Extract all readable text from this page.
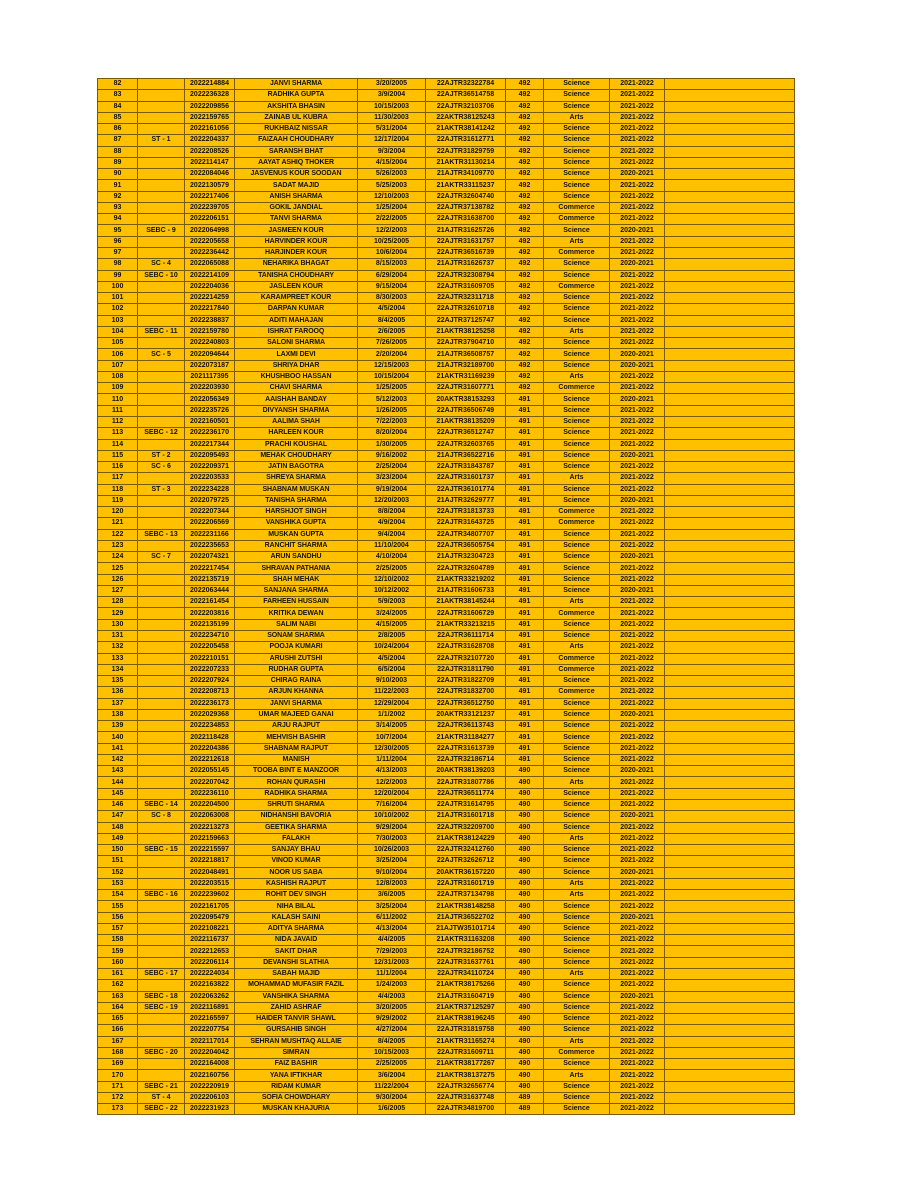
82		2022214884	JANVI SHARMA	3/20/2005	22AJTR32322784	492	Science	2021-2022	
83		2022236328	RADHIKA GUPTA	3/9/2004	22AJTR36514758	492	Science	2021-2022	
84		2022209856	AKSHITA BHASIN	10/15/2003	22AJTR32103706	492	Science	2021-2022	
85		2022159765	ZAINAB UL KUBRA	11/30/2003	22AKTR38125243	492	Arts	2021-2022	
86		2022161056	RUKHBAIZ NISSAR	5/31/2004	21AKTR38141242	492	Science	2021-2022	
87	ST - 1	2022204337	FAIZAAH CHOUDHARY	12/17/2004	22AJTR31612771	492	Science	2021-2022	
88		2022208526	SARANSH BHAT	9/3/2004	22AJTR31829759	492	Science	2021-2022	
89		2022114147	AAYAT ASHIQ THOKER	4/15/2004	21AKTR31130214	492	Science	2021-2022	
90		2022084046	JASVENUS KOUR SOODAN	5/26/2003	21AJTR34109770	492	Science	2020-2021	
91		2022130579	SADAT MAJID	5/25/2003	21AKTR33115237	492	Science	2021-2022	
92		2022217406	ANISH SHARMA	12/10/2003	22AJTR32604740	492	Science	2021-2022	
93		2022239705	GOKIL JANDIAL	1/25/2004	22AJTR37138782	492	Commerce	2021-2022	
94		2022206151	TANVI SHARMA	2/22/2005	22AJTR31638700	492	Commerce	2021-2022	
95	SEBC - 9	2022064998	JASMEEN KOUR	12/2/2003	21AJTR31625726	492	Science	2020-2021	
96		2022205658	HARVINDER KOUR	10/25/2005	22AJTR31631757	492	Arts	2021-2022	
97		2022236442	HARJINDER KOUR	10/6/2004	22AJTR36516739	492	Commerce	2021-2022	
98	SC - 4	2022065088	NEHARIKA BHAGAT	8/15/2003	21AJTR31626737	492	Science	2020-2021	
99	SEBC - 10	2022214109	TANISHA CHOUDHARY	6/29/2004	22AJTR32308794	492	Science	2021-2022	
100		2022204036	JASLEEN KOUR	9/15/2004	22AJTR31609705	492	Commerce	2021-2022	
101		2022214259	KARAMPREET KOUR	8/30/2003	22AJTR32311718	492	Science	2021-2022	
102		2022217840	DARPAN KUMAR	4/5/2004	22AJTR32610718	492	Science	2021-2022	
103		2022238837	ADITI MAHAJAN	8/4/2005	22AJTR37125747	492	Science	2021-2022	
104	SEBC - 11	2022159780	ISHRAT FAROOQ	2/6/2005	21AKTR38125258	492	Arts	2021-2022	
105		2022240803	SALONI SHARMA	7/26/2005	22AJTR37904710	492	Science	2021-2022	
106	SC - 5	2022094644	LAXMI DEVI	2/20/2004	21AJTR36508757	492	Science	2020-2021	
107		2022073187	SHRIYA DHAR	12/15/2003	21AJTR32189700	492	Science	2020-2021	
108		2021117395	KHUSHBOO HASSAN	10/15/2004	21AKTR31169239	492	Arts	2021-2022	
109		2022203930	CHAVI SHARMA	1/25/2005	22AJTR31607771	492	Commerce	2021-2022	
110		2022056349	AAISHAH BANDAY	5/12/2003	20AKTR38153293	491	Science	2020-2021	
111		2022235726	DIVYANSH SHARMA	1/26/2005	22AJTR36506749	491	Science	2021-2022	
112		2022160501	AALIMA SHAH	7/22/2003	21AKTR38135209	491	Science	2021-2022	
113	SEBC - 12	2022236170	HARLEEN KOUR	8/20/2004	22AJTR36512747	491	Science	2021-2022	
114		2022217344	PRACHI KOUSHAL	1/30/2005	22AJTR32603765	491	Science	2021-2022	
115	ST - 2	2022095493	MEHAK CHOUDHARY	9/16/2002	21AJTR36522716	491	Science	2020-2021	
116	SC - 6	2022209371	JATIN BAGOTRA	2/25/2004	22AJTR31843787	491	Science	2021-2022	
117		2022203533	SHREYA SHARMA	3/23/2004	22AJTR31601737	491	Arts	2021-2022	
118	ST - 3	2022234228	SHABNAM MUSKAN	9/19/2004	22AJTR36101774	491	Science	2021-2022	
119		2022079725	TANISHA SHARMA	12/20/2003	21AJTR32629777	491	Science	2020-2021	
120		2022207344	HARSHJOT SINGH	8/8/2004	22AJTR31813733	491	Commerce	2021-2022	
121		2022206569	VANSHIKA GUPTA	4/9/2004	22AJTR31643725	491	Commerce	2021-2022	
122	SEBC - 13	2022231166	MUSKAN GUPTA	9/4/2004	22AJTR34807707	491	Science	2021-2022	
123		2022235653	RANCHIT SHARMA	11/10/2004	22AJTR36505754	491	Science	2021-2022	
124	SC - 7	2022074321	ARUN SANDHU	4/10/2004	21AJTR32304723	491	Science	2020-2021	
125		2022217454	SHRAVAN PATHANIA	2/25/2005	22AJTR32604789	491	Science	2021-2022	
126		2022135719	SHAH MEHAK	12/10/2002	21AKTR33219202	491	Science	2021-2022	
127		2022063444	SANJANA SHARMA	10/12/2002	21AJTR31606733	491	Science	2020-2021	
128		2022161454	FARHEEN HUSSAIN	5/9/2003	21AKTR38145244	491	Arts	2021-2022	
129		2022203816	KRITIKA DEWAN	3/24/2005	22AJTR31606729	491	Commerce	2021-2022	
130		2022135199	SALIM NABI	4/15/2005	21AKTR33213215	491	Science	2021-2022	
131		2022234710	SONAM SHARMA	2/8/2005	22AJTR36111714	491	Science	2021-2022	
132		2022205458	POOJA KUMARI	10/24/2004	22AJTR31628708	491	Arts	2021-2022	
133		2022210151	ARUSHI ZUTSHI	4/5/2004	22AJTR32107720	491	Commerce	2021-2022	
134		2022207233	RUDHAR GUPTA	6/5/2004	22AJTR31811790	491	Commerce	2021-2022	
135		2022207924	CHIRAG RAINA	9/10/2003	22AJTR31822709	491	Science	2021-2022	
136		2022208713	ARJUN KHANNA	11/22/2003	22AJTR31832700	491	Commerce	2021-2022	
137		2022236173	JANVI SHARMA	12/29/2004	22AJTR36512750	491	Science	2021-2022	
138		2022029368	UMAR MAJEED GANAI	1/1/2002	20AKTR33121237	491	Science	2020-2021	
139		2022234853	ARJU RAJPUT	3/14/2005	22AJTR36113743	491	Science	2021-2022	
140		2022118428	MEHVISH BASHIR	10/7/2004	21AKTR31184277	491	Science	2021-2022	
141		2022204386	SHABNAM RAJPUT	12/30/2005	22AJTR31613739	491	Science	2021-2022	
142		2022212618	MANISH	1/11/2004	22AJTR32186714	491	Science	2021-2022	
143		2022055145	TOOBA BINT E MANZOOR	4/13/2003	20AKTR38139203	490	Science	2020-2021	
144		2022207042	ROHAN QURASHI	12/2/2003	22AJTR31807786	490	Arts	2021-2022	
145		2022236110	RADHIKA SHARMA	12/20/2004	22AJTR36511774	490	Science	2021-2022	
146	SEBC - 14	2022204500	SHRUTI SHARMA	7/16/2004	22AJTR31614795	490	Science	2021-2022	
147	SC - 8	2022063008	NIDHANSHI BAVORIA	10/10/2002	21AJTR31601718	490	Science	2020-2021	
148		2022213273	GEETIKA SHARMA	9/29/2004	22AJTR32209700	490	Science	2021-2022	
149		2022159663	FALAKH	7/30/2003	21AKTR38124229	490	Arts	2021-2022	
150	SEBC - 15	2022215597	SANJAY BHAU	10/26/2003	22AJTR32412760	490	Science	2021-2022	
151		2022218817	VINOD KUMAR	3/25/2004	22AJTR32626712	490	Science	2021-2022	
152		2022048491	NOOR US SABA	9/10/2004	20AKTR36157220	490	Science	2020-2021	
153		2022203515	KASHISH RAJPUT	12/8/2003	22AJTR31601719	490	Arts	2021-2022	
154	SEBC - 16	2022239602	ROHIT DEV SINGH	3/6/2005	22AJTR37134798	490	Arts	2021-2022	
155		2022161705	NIHA BILAL	3/25/2004	21AKTR38148258	490	Science	2021-2022	
156		2022095479	KALASH SAINI	6/11/2002	21AJTR36522702	490	Science	2020-2021	
157		2022108221	ADITYA SHARMA	4/13/2004	21AJTW35101714	490	Science	2021-2022	
158		2022116737	NIDA JAVAID	4/4/2005	21AKTR31163208	490	Science	2021-2022	
159		2022212653	SAKIT DHAR	7/29/2003	22AJTR32186752	490	Science	2021-2022	
160		2022206114	DEVANSHI SLATHIA	12/31/2003	22AJTR31637761	490	Science	2021-2022	
161	SEBC - 17	2022224034	SABAH MAJID	11/1/2004	22AJTR34110724	490	Arts	2021-2022	
162		2022163822	MOHAMMAD MUFASIR FAZIL	1/24/2003	21AKTR38175266	490	Science	2021-2022	
163	SEBC - 18	2022063262	VANSHIKA SHARMA	4/4/2003	21AJTR31604719	490	Science	2020-2021	
164	SEBC - 19	2022116891	ZAHID ASHRAF	3/20/2005	21AKTR37125297	490	Science	2021-2022	
165		2022165597	HAIDER TANVIR SHAWL	9/29/2002	21AKTR38196245	490	Science	2021-2022	
166		2022207754	GURSAHIB SINGH	4/27/2004	22AJTR31819758	490	Science	2021-2022	
167		2022117014	SEHRAN MUSHTAQ ALLAIE	8/4/2005	21AKTR31165274	490	Arts	2021-2022	
168	SEBC - 20	2022204042	SIMRAN	10/15/2003	22AJTR31609711	490	Commerce	2021-2022	
169		2022164008	FAIZ BASHIR	2/25/2005	21AKTR38177267	490	Science	2021-2022	
170		2022160756	YANA IFTIKHAR	3/6/2004	21AKTR38137275	490	Arts	2021-2022	
171	SEBC - 21	2022220919	RIDAM KUMAR	11/22/2004	22AJTR32656774	490	Science	2021-2022	
172	ST - 4	2022206103	SOFIA CHOWDHARY	9/30/2004	22AJTR31637748	489	Science	2021-2022	
173	SEBC - 22	2022231923	MUSKAN KHAJURIA	1/6/2005	22AJTR34819700	489	Science	2021-2022	
